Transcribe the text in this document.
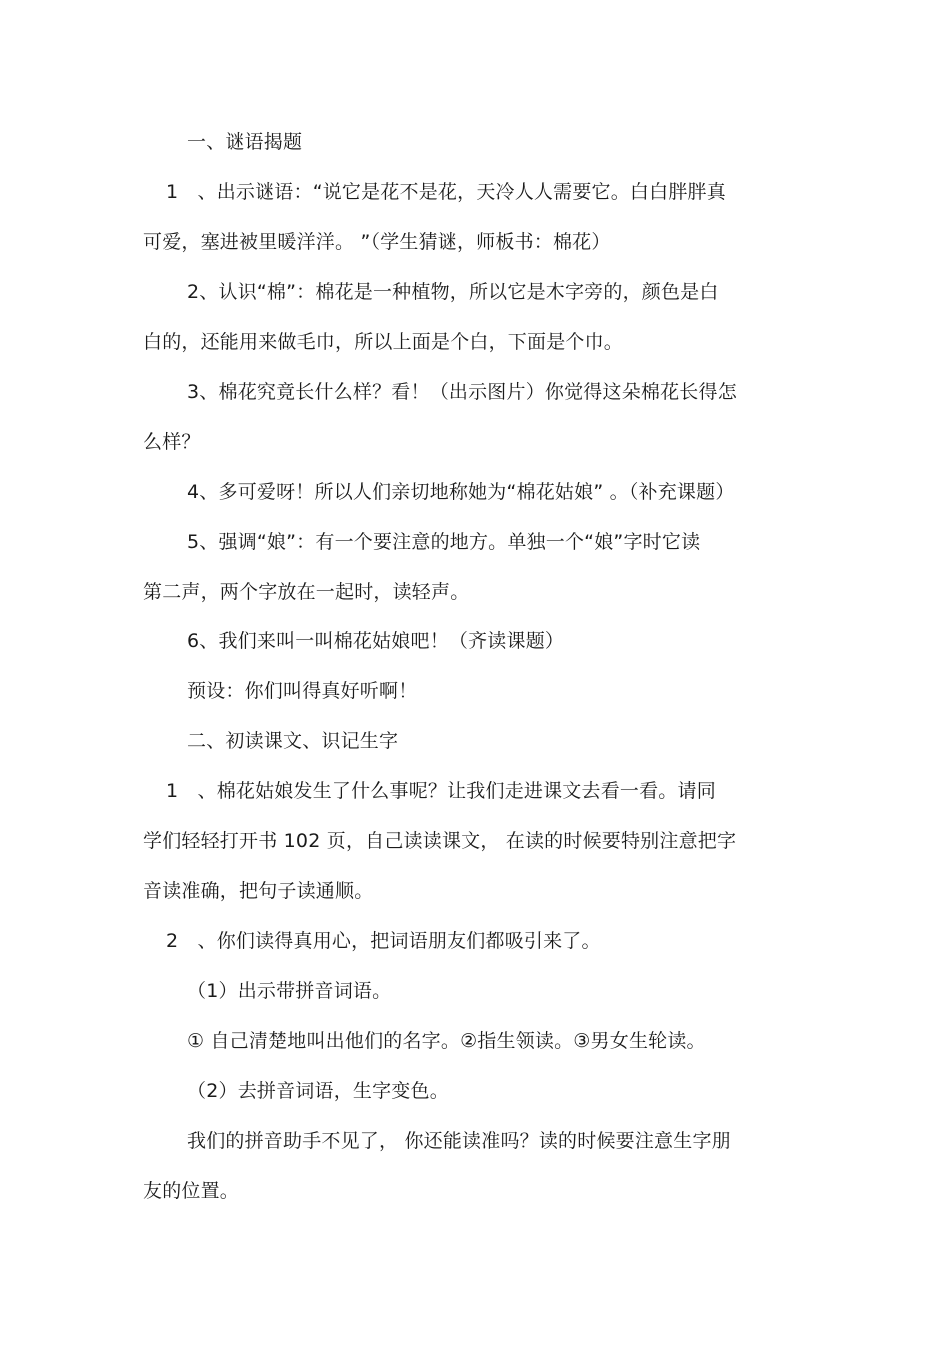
一、谜语揭题
1　、出示谜语：“说它是花不是花，天冷人人需要它。白白胖胖真
可爱，塞进被里暖洋洋。 ”（学生猜谜，师板书：棉花）
2、认识“棉”：棉花是一种植物，所以它是木字旁的，颜色是白
白的，还能用来做毛巾，所以上面是个白，下面是个巾。
3、棉花究竟长什么样？看！（出示图片）你觉得这朵棉花长得怎
么样？
4、多可爱呀！所以人们亲切地称她为“棉花姑娘” 。（补充课题）
5、强调“娘”：有一个要注意的地方。单独一个“娘”字时它读
第二声，两个字放在一起时，读轻声。
6、我们来叫一叫棉花姑娘吧！（齐读课题）
预设：你们叫得真好听啊！
二、初读课文、识记生字
1　、棉花姑娘发生了什么事呢？让我们走进课文去看一看。请同
学们轻轻打开书 102 页，自己读读课文， 在读的时候要特别注意把字
音读准确，把句子读通顺。
2　、你们读得真用心，把词语朋友们都吸引来了。
（1）出示带拼音词语。
① 自己清楚地叫出他们的名字。②指生领读。③男女生轮读。
（2）去拼音词语，生字变色。
我们的拼音助手不见了， 你还能读准吗？读的时候要注意生字朋
友的位置。
